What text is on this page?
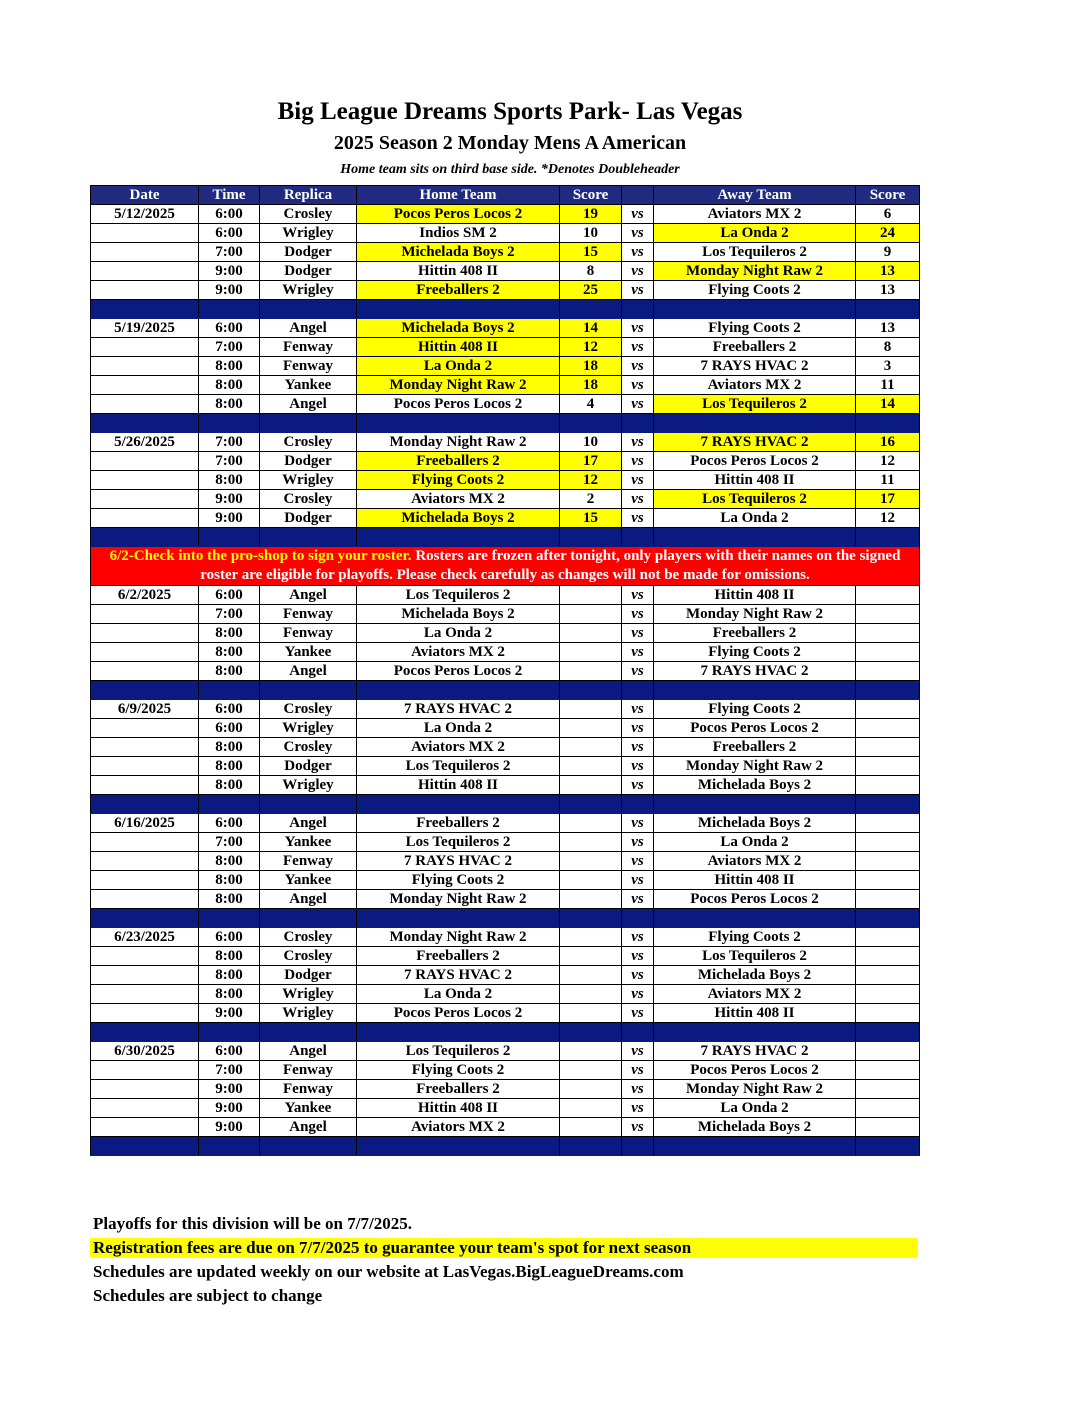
Big League Dreams Sports Park- Las Vegas
2025 Season 2 Monday Mens A American
Home team sits on third base side. *Denotes Doubleheader
Date	Time	Replica	Home Team	Score		Away Team	Score
5/12/2025	6:00	Crosley	Pocos Peros Locos 2	19	vs	Aviators MX 2	6
	6:00	Wrigley	Indios SM 2	10	vs	La Onda 2	24
	7:00	Dodger	Michelada Boys 2	15	vs	Los Tequileros 2	9
	9:00	Dodger	Hittin 408 II	8	vs	Monday Night Raw 2	13
	9:00	Wrigley	Freeballers 2	25	vs	Flying Coots 2	13

5/19/2025	6:00	Angel	Michelada Boys 2	14	vs	Flying Coots 2	13
	7:00	Fenway	Hittin 408 II	12	vs	Freeballers 2	8
	8:00	Fenway	La Onda 2	18	vs	7 RAYS HVAC 2	3
	8:00	Yankee	Monday Night Raw 2	18	vs	Aviators MX 2	11
	8:00	Angel	Pocos Peros Locos 2	4	vs	Los Tequileros 2	14

5/26/2025	7:00	Crosley	Monday Night Raw 2	10	vs	7 RAYS HVAC 2	16
	7:00	Dodger	Freeballers 2	17	vs	Pocos Peros Locos 2	12
	8:00	Wrigley	Flying Coots 2	12	vs	Hittin 408 II	11
	9:00	Crosley	Aviators MX 2	2	vs	Los Tequileros 2	17
	9:00	Dodger	Michelada Boys 2	15	vs	La Onda 2	12

6/2-Check into the pro-shop to sign your roster. Rosters are frozen after tonight, only players with their names on the signed roster are eligible for playoffs. Please check carefully as changes will not be made for omissions.							
6/2/2025	6:00	Angel	Los Tequileros 2		vs	Hittin 408 II	
	7:00	Fenway	Michelada Boys 2		vs	Monday Night Raw 2	
	8:00	Fenway	La Onda 2		vs	Freeballers 2	
	8:00	Yankee	Aviators MX 2		vs	Flying Coots 2	
	8:00	Angel	Pocos Peros Locos 2		vs	7 RAYS HVAC 2	

6/9/2025	6:00	Crosley	7 RAYS HVAC 2		vs	Flying Coots 2	
	6:00	Wrigley	La Onda 2		vs	Pocos Peros Locos 2	
	8:00	Crosley	Aviators MX 2		vs	Freeballers 2	
	8:00	Dodger	Los Tequileros 2		vs	Monday Night Raw 2	
	8:00	Wrigley	Hittin 408 II		vs	Michelada Boys 2	

6/16/2025	6:00	Angel	Freeballers 2		vs	Michelada Boys 2	
	7:00	Yankee	Los Tequileros 2		vs	La Onda 2	
	8:00	Fenway	7 RAYS HVAC 2		vs	Aviators MX 2	
	8:00	Yankee	Flying Coots 2		vs	Hittin 408 II	
	8:00	Angel	Monday Night Raw 2		vs	Pocos Peros Locos 2	

6/23/2025	6:00	Crosley	Monday Night Raw 2		vs	Flying Coots 2	
	8:00	Crosley	Freeballers 2		vs	Los Tequileros 2	
	8:00	Dodger	7 RAYS HVAC 2		vs	Michelada Boys 2	
	8:00	Wrigley	La Onda 2		vs	Aviators MX 2	
	9:00	Wrigley	Pocos Peros Locos 2		vs	Hittin 408 II	

6/30/2025	6:00	Angel	Los Tequileros 2		vs	7 RAYS HVAC 2	
	7:00	Fenway	Flying Coots 2		vs	Pocos Peros Locos 2	
	9:00	Fenway	Freeballers 2		vs	Monday Night Raw 2	
	9:00	Yankee	Hittin 408 II		vs	La Onda 2	
	9:00	Angel	Aviators MX 2		vs	Michelada Boys 2	

Playoffs for this division will be on 7/7/2025.
Registration fees are due on 7/7/2025 to guarantee your team's spot for next season
Schedules are updated weekly on our website at LasVegas.BigLeagueDreams.com
Schedules are subject to change
